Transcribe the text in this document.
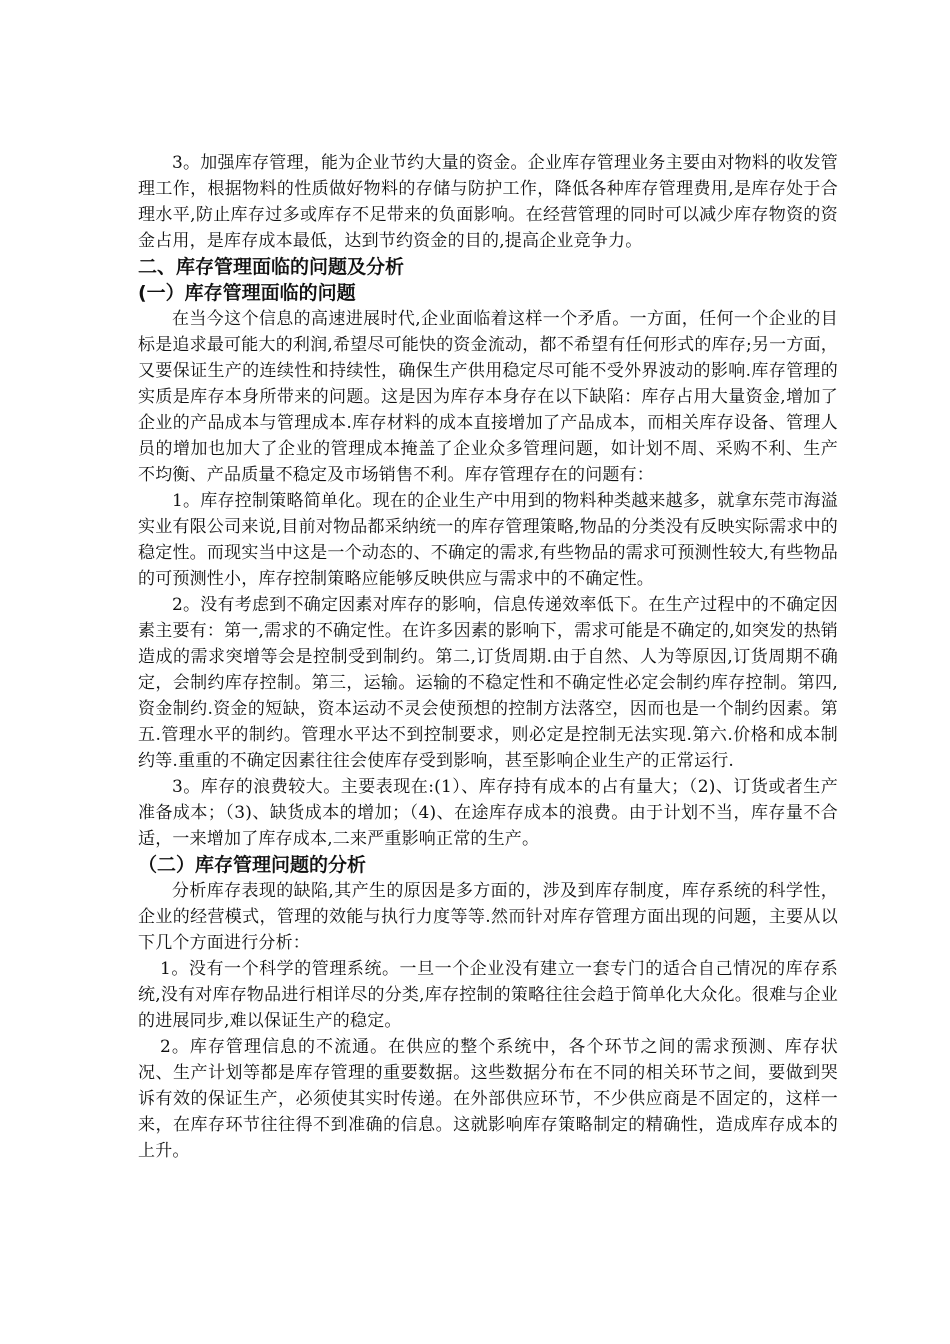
3。加强库存管理，能为企业节约大量的资金。企业库存管理业务主要由对物料的收发管理工作，根据物料的性质做好物料的存储与防护工作，降低各种库存管理费用,是库存处于合理水平,防止库存过多或库存不足带来的负面影响。在经营管理的同时可以减少库存物资的资金占用，是库存成本最低，达到节约资金的目的,提高企业竞争力。

二、库存管理面临的问题及分析
(一）库存管理面临的问题

在当今这个信息的高速进展时代,企业面临着这样一个矛盾。一方面，任何一个企业的目标是追求最可能大的利润,希望尽可能快的资金流动，都不希望有任何形式的库存;另一方面，又要保证生产的连续性和持续性，确保生产供用稳定尽可能不受外界波动的影响.库存管理的实质是库存本身所带来的问题。这是因为库存本身存在以下缺陷：库存占用大量资金,增加了企业的产品成本与管理成本.库存材料的成本直接增加了产品成本，而相关库存设备、管理人员的增加也加大了企业的管理成本掩盖了企业众多管理问题，如计划不周、采购不利、生产不均衡、产品质量不稳定及市场销售不利。库存管理存在的问题有：

1。库存控制策略简单化。现在的企业生产中用到的物料种类越来越多，就拿东莞市海溢实业有限公司来说,目前对物品都采纳统一的库存管理策略,物品的分类没有反映实际需求中的稳定性。而现实当中这是一个动态的、不确定的需求,有些物品的需求可预测性较大,有些物品的可预测性小，库存控制策略应能够反映供应与需求中的不确定性。

2。没有考虑到不确定因素对库存的影响，信息传递效率低下。在生产过程中的不确定因素主要有：第一,需求的不确定性。在许多因素的影响下，需求可能是不确定的,如突发的热销造成的需求突增等会是控制受到制约。第二,订货周期.由于自然、人为等原因,订货周期不确定，会制约库存控制。第三，运输。运输的不稳定性和不确定性必定会制约库存控制。第四,资金制约.资金的短缺，资本运动不灵会使预想的控制方法落空，因而也是一个制约因素。第五.管理水平的制约。管理水平达不到控制要求，则必定是控制无法实现.第六.价格和成本制约等.重重的不确定因素往往会使库存受到影响，甚至影响企业生产的正常运行.

3。库存的浪费较大。主要表现在:(1）、库存持有成本的占有量大；（2)、订货或者生产准备成本；（3)、缺货成本的增加；（4)、在途库存成本的浪费。由于计划不当，库存量不合适，一来增加了库存成本,二来严重影响正常的生产。

（二）库存管理问题的分析

分析库存表现的缺陷,其产生的原因是多方面的，涉及到库存制度，库存系统的科学性，企业的经营模式，管理的效能与执行力度等等.然而针对库存管理方面出现的问题，主要从以下几个方面进行分析：

1。没有一个科学的管理系统。一旦一个企业没有建立一套专门的适合自己情况的库存系统,没有对库存物品进行相详尽的分类,库存控制的策略往往会趋于简单化大众化。很难与企业的进展同步,难以保证生产的稳定。

2。库存管理信息的不流通。在供应的整个系统中，各个环节之间的需求预测、库存状况、生产计划等都是库存管理的重要数据。这些数据分布在不同的相关环节之间，要做到哭诉有效的保证生产，必须使其实时传递。在外部供应环节，不少供应商是不固定的，这样一来，在库存环节往往得不到准确的信息。这就影响库存策略制定的精确性，造成库存成本的上升。
